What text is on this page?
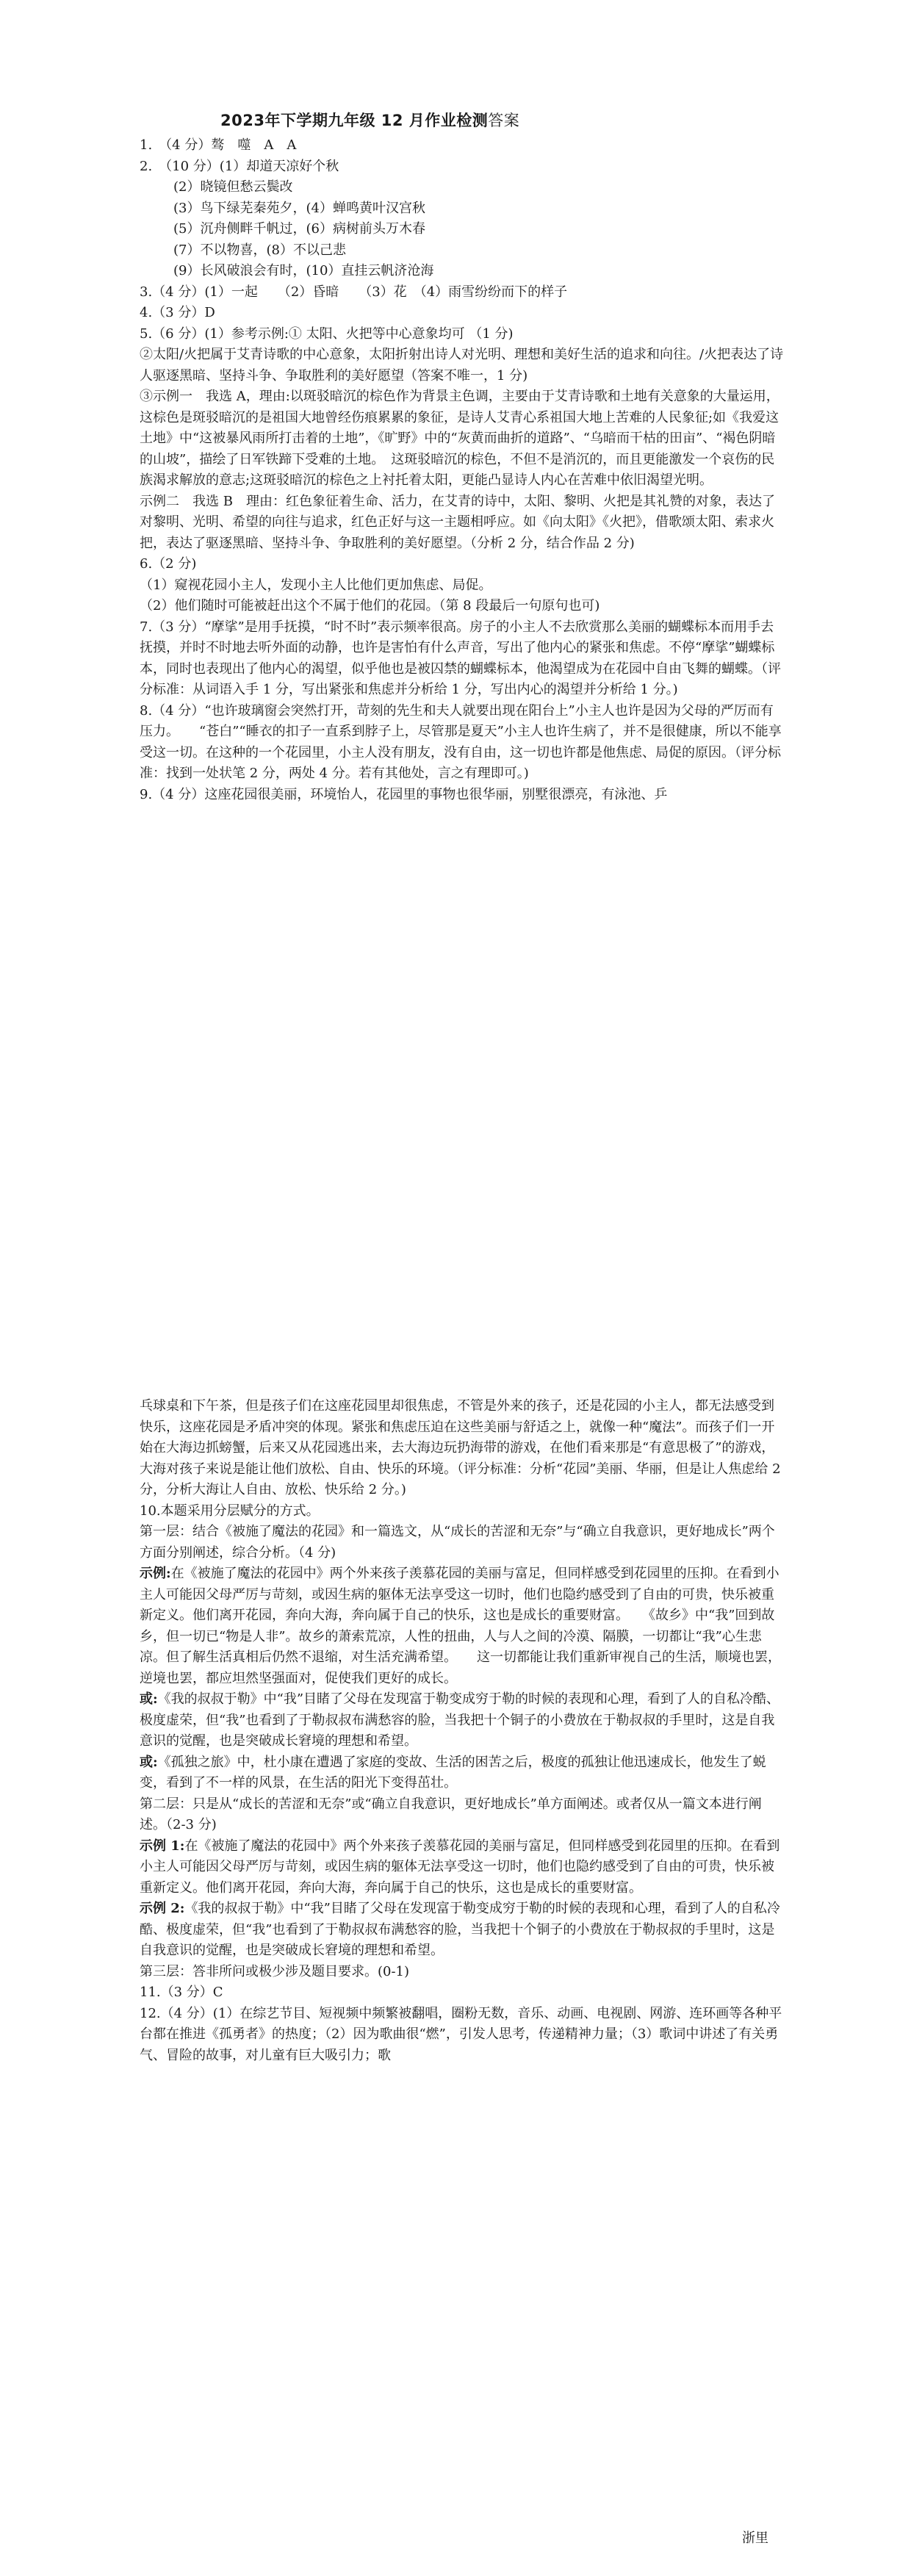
2023年下学期九年级 12 月作业检测答案

1.　（4 分）骜　噬　A　A

2.　（10 分）(1）却道天凉好个秋

(2）晓镜但愁云鬓改

(3）鸟下绿芜秦苑夕，(4）蝉鸣黄叶汉宫秋

(5）沉舟侧畔千帆过，(6）病树前头万木春

(7）不以物喜，(8）不以己悲

(9）长风破浪会有时，(10）直挂云帆济沧海

3.（4 分）(1）一起　　（2）昏暗　　（3）花　（4）雨雪纷纷而下的样子

4.（3 分）D

5.（6 分）(1）参考示例:① 太阳、火把等中心意象均可 （1 分)

②太阳/火把属于艾青诗歌的中心意象，太阳折射出诗人对光明、理想和美好生活的追求和向往。/火把表达了诗人驱逐黑暗、坚持斗争、争取胜利的美好愿望（答案不唯一，1 分)

③示例一　我选 A，理由:以斑驳暗沉的棕色作为背景主色调，主要由于艾青诗歌和土地有关意象的大量运用，这棕色是斑驳暗沉的是祖国大地曾经伤痕累累的象征，是诗人艾青心系祖国大地上苦难的人民象征;如《我爱这土地》中“这被暴风雨所打击着的土地”，《旷野》中的“灰黄而曲折的道路”、“乌暗而干枯的田亩”、“褐色阴暗的山坡”，描绘了日军铁蹄下受难的土地。　这斑驳暗沉的棕色，不但不是消沉的，而且更能激发一个哀伤的民族渴求解放的意志;这斑驳暗沉的棕色之上衬托着太阳，更能凸显诗人内心在苦难中依旧渴望光明。

示例二　我选 B　理由：红色象征着生命、活力，在艾青的诗中，太阳、黎明、火把是其礼赞的对象，表达了对黎明、光明、希望的向往与追求，红色正好与这一主题相呼应。如《向太阳》《火把》，借歌颂太阳、索求火把，表达了驱逐黑暗、坚持斗争、争取胜利的美好愿望。（分析 2 分，结合作品 2 分)

6.（2 分)

（1）窥视花园小主人，发现小主人比他们更加焦虑、局促。

（2）他们随时可能被赶出这个不属于他们的花园。（第 8 段最后一句原句也可)

7.（3 分）“摩挲”是用手抚摸，“时不时”表示频率很高。房子的小主人不去欣赏那么美丽的蝴蝶标本而用手去抚摸，并时不时地去听外面的动静，也许是害怕有什么声音，写出了他内心的紧张和焦虑。不停“摩挲”蝴蝶标本，同时也表现出了他内心的渴望，似乎他也是被囚禁的蝴蝶标本，他渴望成为在花园中自由飞舞的蝴蝶。（评分标准：从词语入手 1 分，写出紧张和焦虑并分析给 1 分，写出内心的渴望并分析给 1 分。)

8.（4 分）“也许玻璃窗会突然打开，苛刻的先生和夫人就要出现在阳台上”小主人也许是因为父母的严厉而有压力。　　“苍白”“睡衣的扣子一直系到脖子上，尽管那是夏天”小主人也许生病了，并不是很健康，所以不能享受这一切。在这种的一个花园里，小主人没有朋友，没有自由，这一切也许都是他焦虑、局促的原因。（评分标准：找到一处状笔 2 分，两处 4 分。若有其他处，言之有理即可。)

9.（4 分）这座花园很美丽，环境怡人，花园里的事物也很华丽，别墅很漂亮，有泳池、乒

乓球桌和下午茶，但是孩子们在这座花园里却很焦虑，不管是外来的孩子，还是花园的小主人，都无法感受到快乐，这座花园是矛盾冲突的体现。紧张和焦虑压迫在这些美丽与舒适之上，就像一种“魔法”。而孩子们一开始在大海边抓螃蟹，后来又从花园逃出来，去大海边玩扔海带的游戏，在他们看来那是“有意思极了”的游戏，大海对孩子来说是能让他们放松、自由、快乐的环境。（评分标准：分析“花园”美丽、华丽，但是让人焦虑给 2 分，分析大海让人自由、放松、快乐给 2 分。)

10.本题采用分层赋分的方式。

第一层：结合《被施了魔法的花园》和一篇选文，从“成长的苦涩和无奈”与“确立自我意识，更好地成长”两个方面分别阐述，综合分析。（4 分)

示例:在《被施了魔法的花园中》两个外来孩子羡慕花园的美丽与富足，但同样感受到花园里的压抑。在看到小主人可能因父母严厉与苛刻，或因生病的躯体无法享受这一切时，他们也隐约感受到了自由的可贵，快乐被重新定义。他们离开花园，奔向大海，奔向属于自己的快乐，这也是成长的重要财富。　　《故乡》中“我”回到故乡，但一切已“物是人非”。故乡的萧索荒凉，人性的扭曲，人与人之间的冷漠、隔膜，一切都让“我”心生悲凉。但了解生活真相后仍然不退缩，对生活充满希望。　　这一切都能让我们重新审视自己的生活，顺境也罢，逆境也罢，都应坦然坚强面对，促使我们更好的成长。

或:《我的叔叔于勒》中“我”目睹了父母在发现富于勒变成穷于勒的时候的表现和心理，看到了人的自私冷酷、极度虚荣，但“我”也看到了于勒叔叔布满愁容的脸，当我把十个铜子的小费放在于勒叔叔的手里时，这是自我意识的觉醒，也是突破成长窘境的理想和希望。

或:《孤独之旅》中，杜小康在遭遇了家庭的变故、生活的困苦之后，极度的孤独让他迅速成长，他发生了蜕变，看到了不一样的风景，在生活的阳光下变得茁壮。

第二层：只是从“成长的苦涩和无奈”或“确立自我意识，更好地成长”单方面阐述。或者仅从一篇文本进行阐述。（2-3 分)

示例 1:在《被施了魔法的花园中》两个外来孩子羡慕花园的美丽与富足，但同样感受到花园里的压抑。在看到小主人可能因父母严厉与苛刻，或因生病的躯体无法享受这一切时，他们也隐约感受到了自由的可贵，快乐被重新定义。他们离开花园，奔向大海，奔向属于自己的快乐，这也是成长的重要财富。

示例 2:《我的叔叔于勒》中“我”目睹了父母在发现富于勒变成穷于勒的时候的表现和心理，看到了人的自私冷酷、极度虚荣，但“我”也看到了于勒叔叔布满愁容的脸，当我把十个铜子的小费放在于勒叔叔的手里时，这是自我意识的觉醒，也是突破成长窘境的理想和希望。

第三层：答非所问或极少涉及题目要求。(0-1)

11.（3 分）C

12.（4 分）(1）在综艺节目、短视频中频繁被翻唱，圈粉无数，音乐、动画、电视剧、网游、连环画等各种平台都在推进《孤勇者》的热度；（2）因为歌曲很“燃”，引发人思考，传递精神力量；（3）歌词中讲述了有关勇气、冒险的故事，对儿童有巨大吸引力；歌

浙里
